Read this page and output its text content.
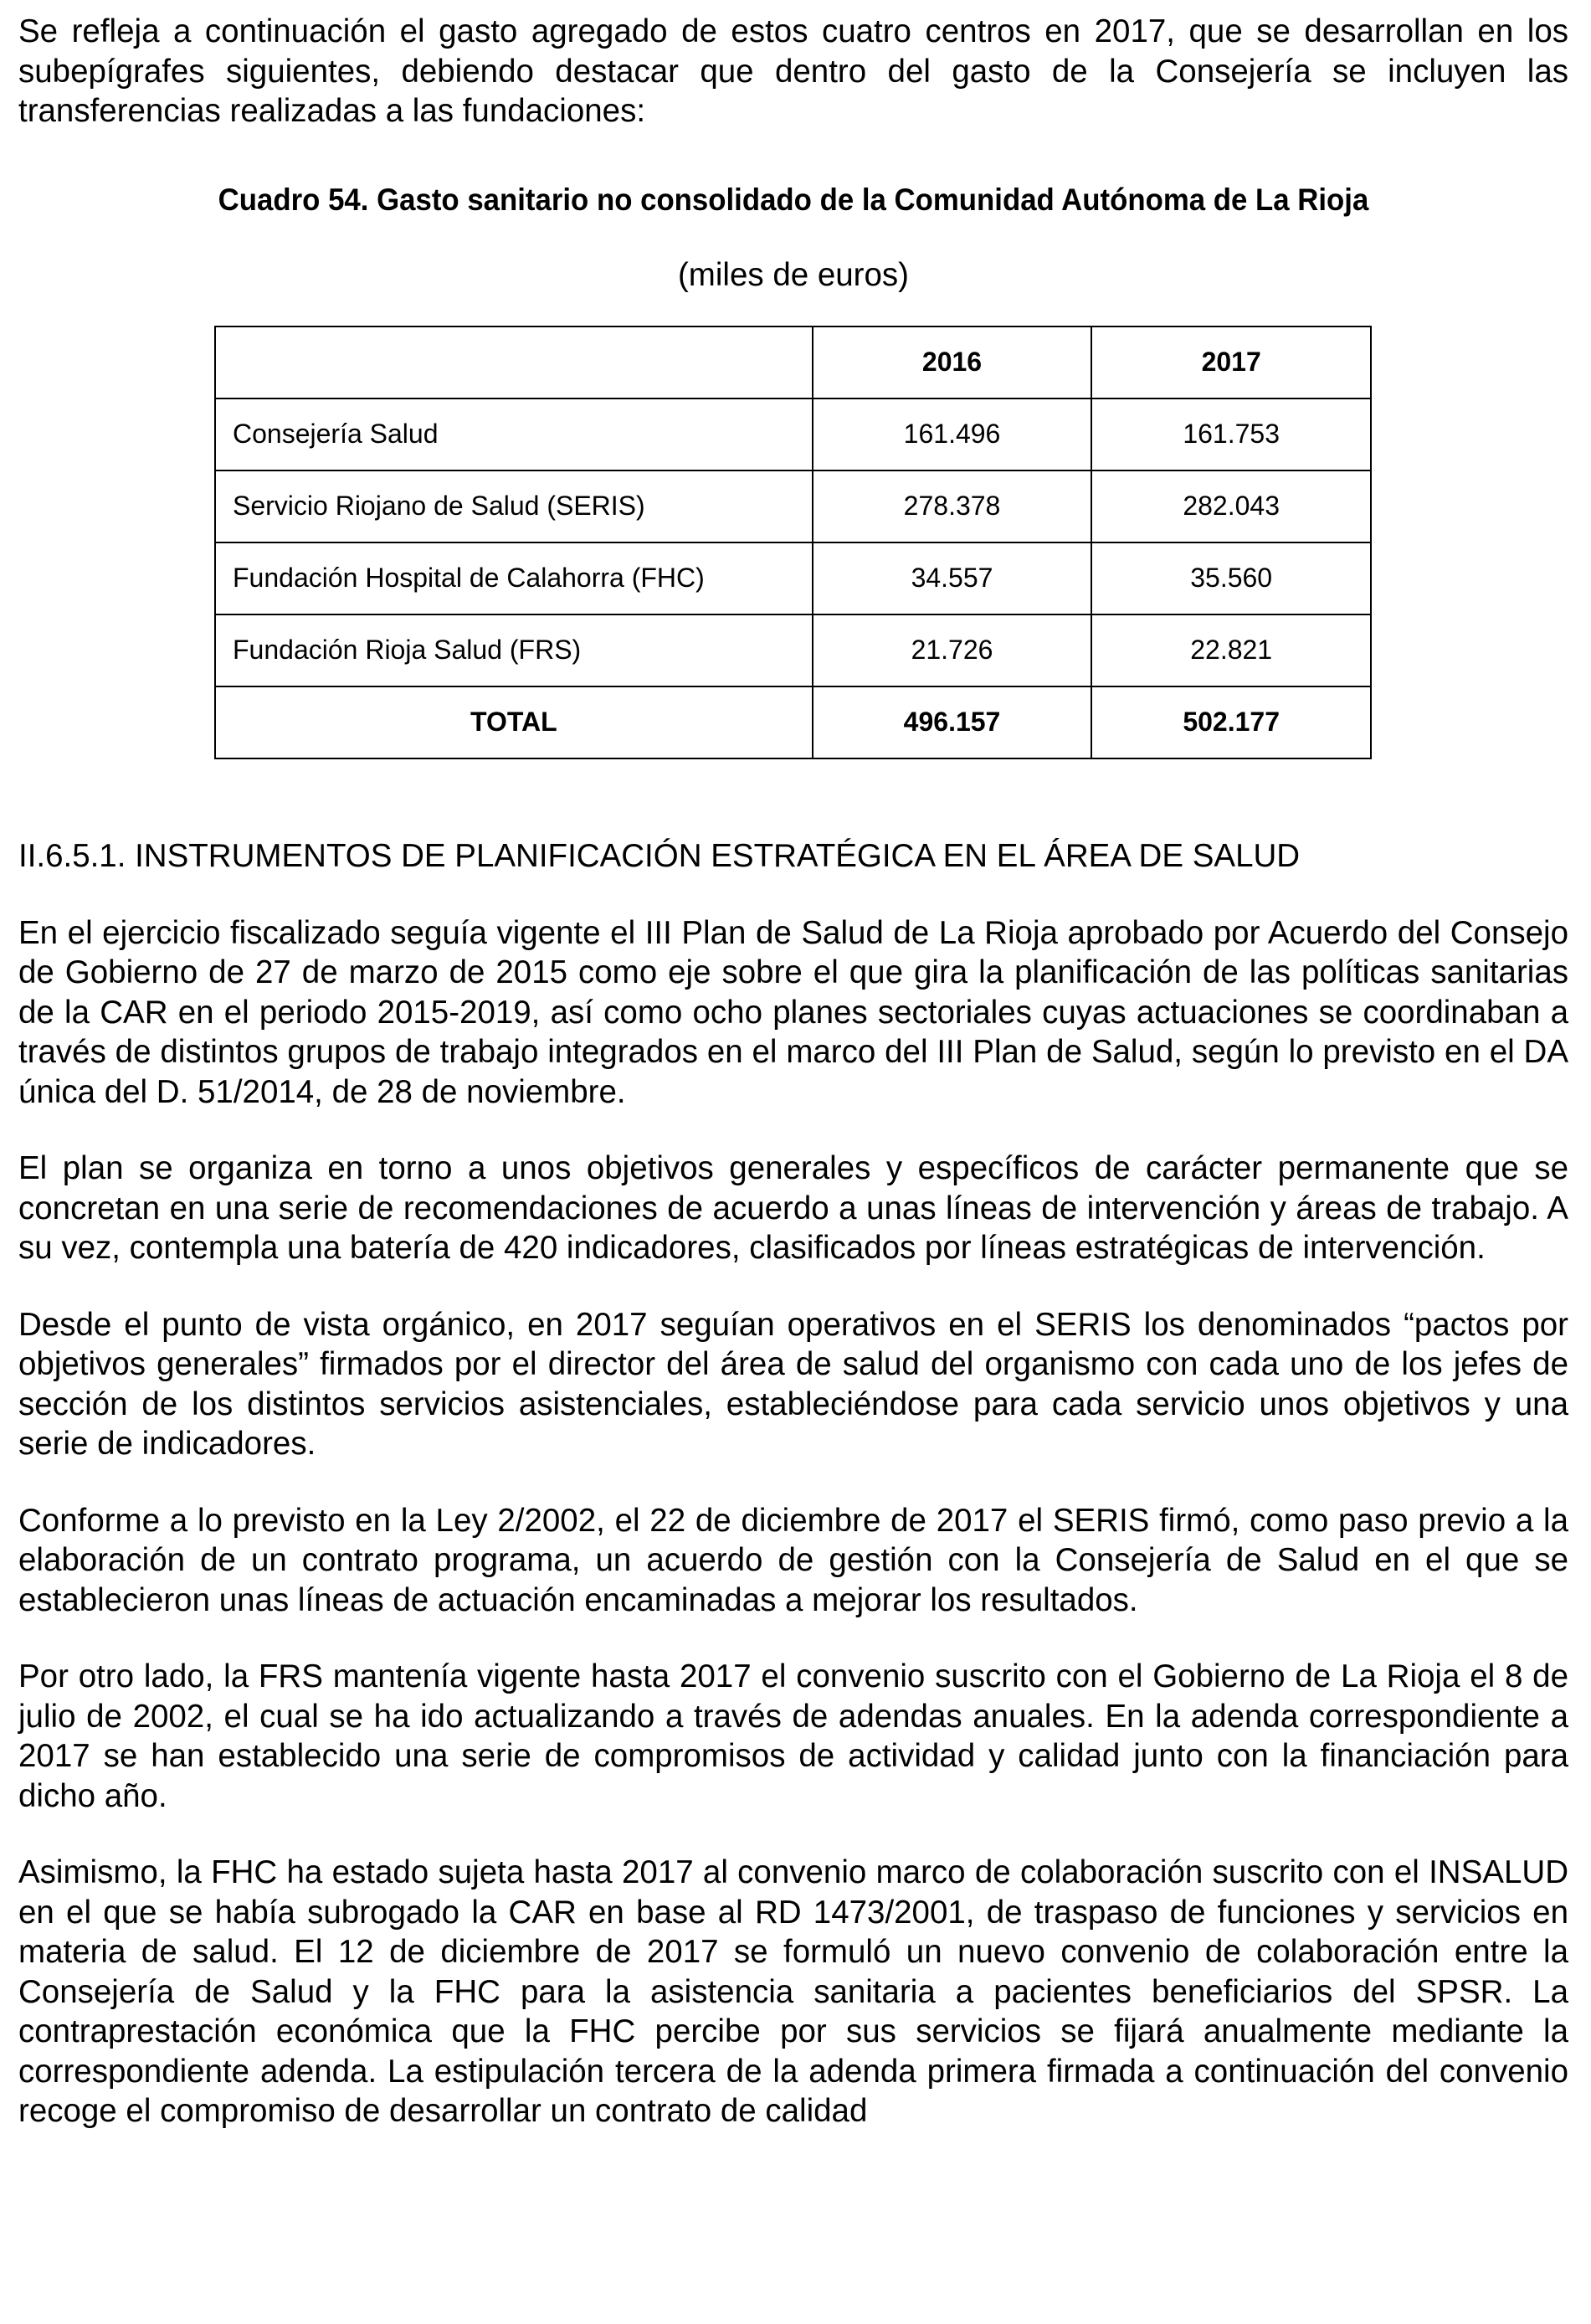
Se refleja a continuación el gasto agregado de estos cuatro centros en 2017, que se desarrollan en los subepígrafes siguientes, debiendo destacar que dentro del gasto de la Consejería se incluyen las transferencias realizadas a las fundaciones:

Cuadro 54. Gasto sanitario no consolidado de la Comunidad Autónoma de La Rioja

(miles de euros)

	2016	2017
Consejería Salud	161.496	161.753
Servicio Riojano de Salud (SERIS)	278.378	282.043
Fundación Hospital de Calahorra (FHC)	34.557	35.560
Fundación Rioja Salud (FRS)	21.726	22.821
TOTAL	496.157	502.177

II.6.5.1. INSTRUMENTOS DE PLANIFICACIÓN ESTRATÉGICA EN EL ÁREA DE SALUD

En el ejercicio fiscalizado seguía vigente el III Plan de Salud de La Rioja aprobado por Acuerdo del Consejo de Gobierno de 27 de marzo de 2015 como eje sobre el que gira la planificación de las políticas sanitarias de la CAR en el periodo 2015-2019, así como ocho planes sectoriales cuyas actuaciones se coordinaban a través de distintos grupos de trabajo integrados en el marco del III Plan de Salud, según lo previsto en el DA única del D. 51/2014, de 28 de noviembre.

El plan se organiza en torno a unos objetivos generales y específicos de carácter permanente que se concretan en una serie de recomendaciones de acuerdo a unas líneas de intervención y áreas de trabajo. A su vez, contempla una batería de 420 indicadores, clasificados por líneas estratégicas de intervención.

Desde el punto de vista orgánico, en 2017 seguían operativos en el SERIS los denominados “pactos por objetivos generales” firmados por el director del área de salud del organismo con cada uno de los jefes de sección de los distintos servicios asistenciales, estableciéndose para cada servicio unos objetivos y una serie de indicadores.

Conforme a lo previsto en la Ley 2/2002, el 22 de diciembre de 2017 el SERIS firmó, como paso previo a la elaboración de un contrato programa, un acuerdo de gestión con la Consejería de Salud en el que se establecieron unas líneas de actuación encaminadas a mejorar los resultados.

Por otro lado, la FRS mantenía vigente hasta 2017 el convenio suscrito con el Gobierno de La Rioja el 8 de julio de 2002, el cual se ha ido actualizando a través de adendas anuales. En la adenda correspondiente a 2017 se han establecido una serie de compromisos de actividad y calidad junto con la financiación para dicho año.

Asimismo, la FHC ha estado sujeta hasta 2017 al convenio marco de colaboración suscrito con el INSALUD en el que se había subrogado la CAR en base al RD 1473/2001, de traspaso de funciones y servicios en materia de salud. El 12 de diciembre de 2017 se formuló un nuevo convenio de colaboración entre la Consejería de Salud y la FHC para la asistencia sanitaria a pacientes beneficiarios del SPSR. La contraprestación económica que la FHC percibe por sus servicios se fijará anualmente mediante la correspondiente adenda. La estipulación tercera de la adenda primera firmada a continuación del convenio recoge el compromiso de desarrollar un contrato de calidad
